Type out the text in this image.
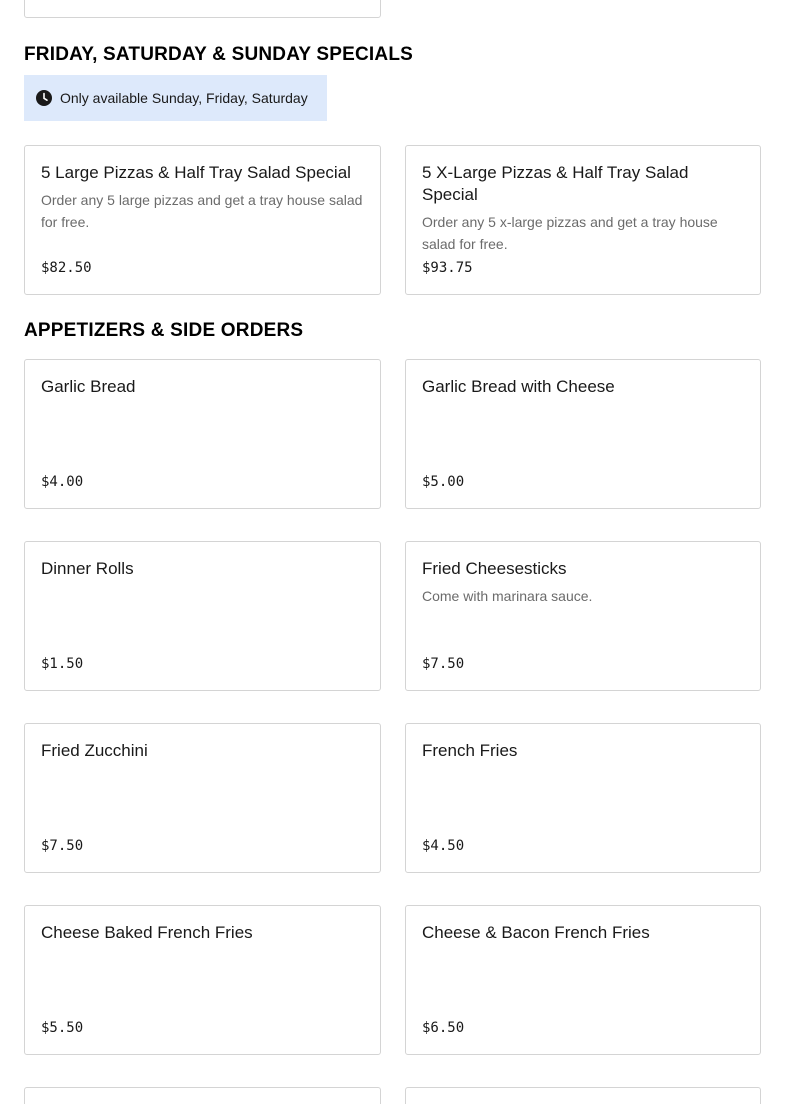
FRIDAY, SATURDAY & SUNDAY SPECIALS
Only available Sunday, Friday, Saturday
5 Large Pizzas & Half Tray Salad Special
Order any 5 large pizzas and get a tray house salad for free.
$82.50
5 X-Large Pizzas & Half Tray Salad Special
Order any 5 x-large pizzas and get a tray house salad for free.
$93.75
APPETIZERS & SIDE ORDERS
Garlic Bread
$4.00
Garlic Bread with Cheese
$5.00
Dinner Rolls
$1.50
Fried Cheesesticks
Come with marinara sauce.
$7.50
Fried Zucchini
$7.50
French Fries
$4.50
Cheese Baked French Fries
$5.50
Cheese & Bacon French Fries
$6.50
